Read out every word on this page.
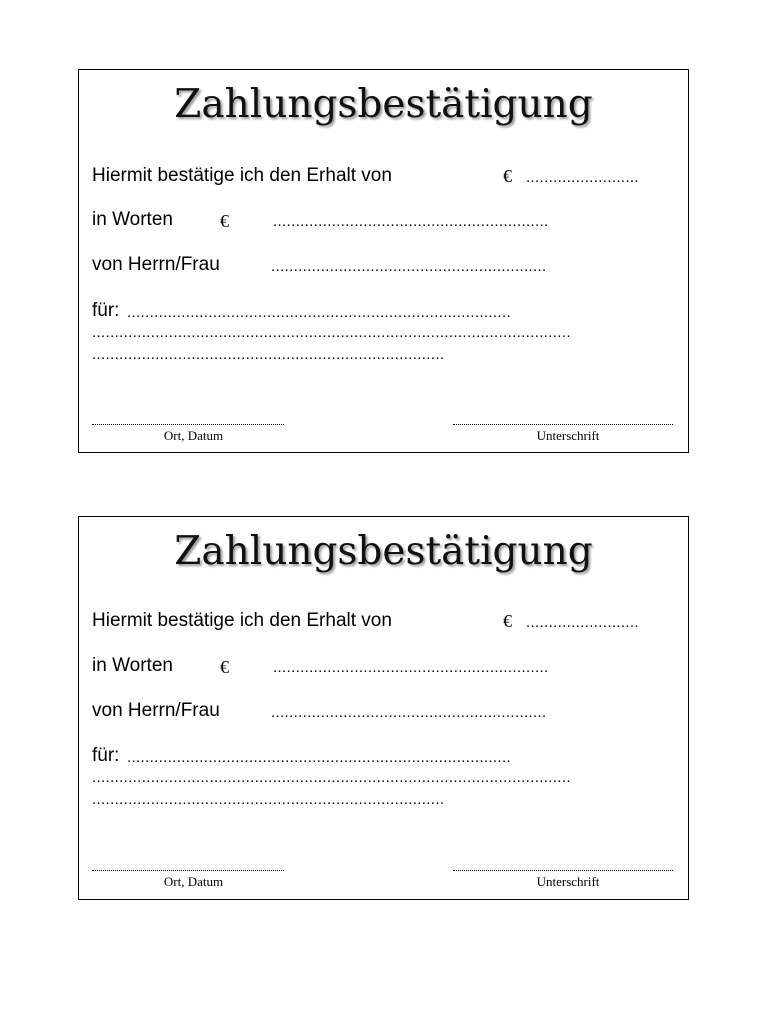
Zahlungsbestätigung
Hiermit bestätige ich den Erhalt von	€ .........................
in Worten	€	.............................................................
von Herrn/Frau	.............................................................
für: .....................................................................................
..........................................................................................................
..............................................................................
Ort, Datum	Unterschrift
Zahlungsbestätigung
Hiermit bestätige ich den Erhalt von	€ .........................
in Worten	€	.............................................................
von Herrn/Frau	.............................................................
für: .....................................................................................
..........................................................................................................
..............................................................................
Ort, Datum	Unterschrift
